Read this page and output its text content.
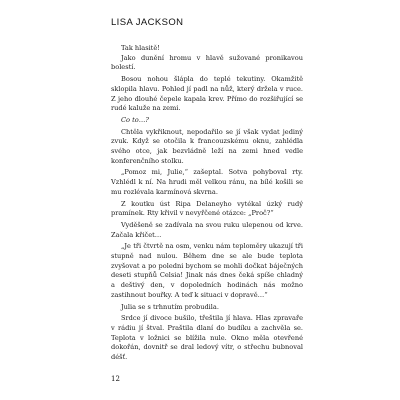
LISA JACKSON

Tak hlasitě!

Jako dunění hromu v hlavě sužované pronikavou bolestí.

Bosou nohou šlápla do teplé tekutiny. Okamžitě sklopila hlavu. Pohled jí padl na nůž, který držela v ruce. Z jeho dlouhé čepele kapala krev. Přímo do rozšiřující se rudé kaluže na zemi.

Co to…?

Chtěla vykřiknout, nepodařilo se jí však vydat jediný zvuk. Když se otočila k francouzskému oknu, zahlédla svého otce, jak bezvládně leží na zemi hned vedle konferenčního stolku.

„Pomoz mi, Julie,“ zašeptal. Sotva pohyboval rty. Vzhlédl k ní. Na hrudi měl velkou ránu, na bílé košili se mu rozlévala karmínová skvrna.

Z koutku úst Ripa Delaneyho vytékal úzký rudý pramínek. Rty křivil v nevyřčené otázce: „Proč?“

Vyděšeně se zadívala na svou ruku ulepenou od krve. Začala křičet…

„Je tři čtvrtě na osm, venku nám teploměry ukazují tři stupně nad nulou. Během dne se ale bude teplota zvyšovat a po poledni bychom se mohli dočkat báječných deseti stupňů Celsia! Jinak nás dnes čeká spíše chladný a deštivý den, v dopoledních hodinách nás možno zastihnout bouřky. A teď k situaci v dopravě…“

Julia se s trhnutím probudila.

Srdce jí divoce bušilo, třeštila jí hlava. Hlas zpravaře v rádiu jí štval. Praštila dlaní do budíku a zachvěla se. Teplota v ložnici se blížila nule. Okno měla otevřené dokořán, dovnitř se dral ledový vítr, o střechu bubnoval déšť.

12
